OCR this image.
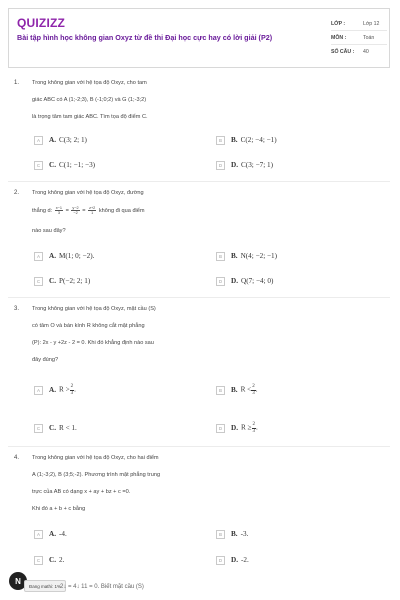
QUIZIZZ
Bài tập hình học không gian Oxyz từ đề thi Đại học cực hay có lời giải (P2)
LỚP :	Lớp 12
MÔN :	Toán
SỐ CÂU :	40
1. Trong không gian với hệ tọa độ Oxyz, cho tam
giác ABC có A (1;-2;3), B (-1;0;2) và G (1;-3;2)
là trọng tâm tam giác ABC. Tìm tọa độ điểm C.
A	A. C(3; 2; 1)	B	B. C(2; −4; −1)
C	C. C(1; −1; −3)	D	D. C(3; −7; 1)
2. Trong không gian với hệ tọa độ Oxyz, đường
thẳng d: $\frac{x-1}{3} = \frac{y-2}{-2} = \frac{z+2}{1}$ không đi qua điểm
nào sau đây?
A	A. M(1; 0; −2).	B	B. N(4; −2; −1)
C	C. P(−2; 2; 1)	D	D. Q(7; −4; 0)
3. Trong không gian với hệ tọa độ Oxyz, mặt cầu (S)
có tâm O và bán kính R không cắt mặt phẳng
(P): 2x - y +2z - 2 = 0. Khi đó khẳng định nào sau
đây đúng?
A	A. $R > \frac{2}{3}$ .	B	B. $R < \frac{2}{3}$ .
C	C. R < 1.	D	D. $R \ge \frac{2}{3}$ .
4. Trong không gian với hệ tọa độ Oxyz, cho hai điểm
A (1;-3;2), B (3;5;-2). Phương trình mặt phẳng trung
trực của AB có dạng x + ay + bz + c =0.
Khi đó a + b + c bằng
A	A. -4.	B	B. -3.
C	C. 2.	D	D. -2.
N
Đang mathi: 1%
2↓ = 4↓ 11 = 0. Biết mặt cầu (S)
